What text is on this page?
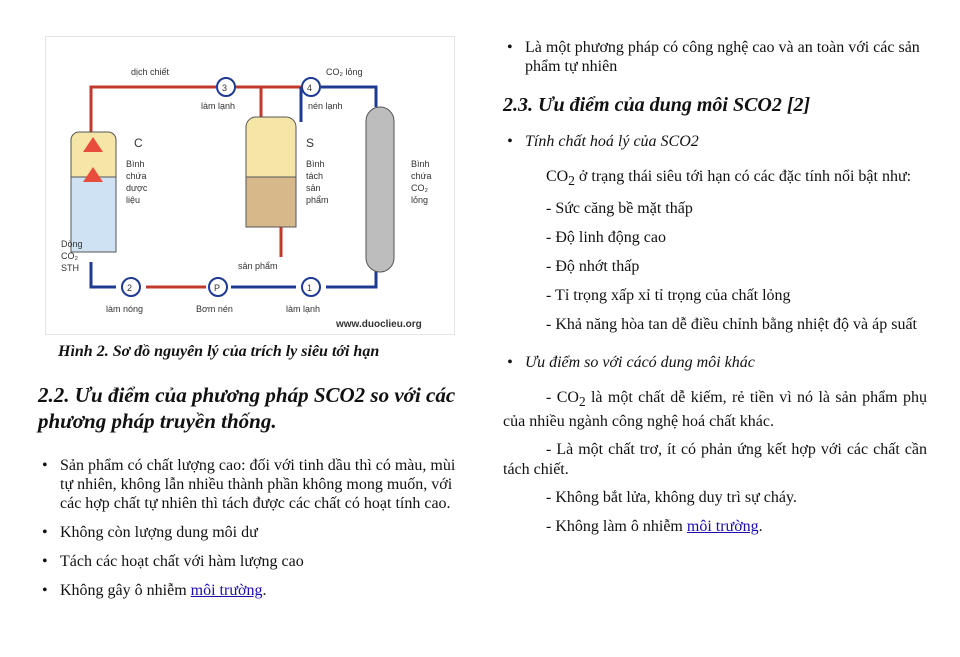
3	4
2	P	1
dịch chiết	CO₂ lỏng
làm lạnh	nén lạnh
C	S
Bình
chứa
dược
liệu
Bình
tách
sản
phẩm
Bình
chứa
CO₂
lỏng
Dòng
CO₂
STH	sản phẩm
làm nóng	Bơm nén	làm lạnh
www.duoclieu.org
Hình 2. Sơ đồ nguyên lý của trích ly siêu tới hạn
2.2. Ưu điểm của phương pháp SCO2 so với các phương pháp truyền thống.
• Sản phẩm có chất lượng cao: đối với tinh dầu thì có màu, mùi tự nhiên, không lẫn nhiều thành phần không mong muốn, với các hợp chất tự nhiên thì tách được các chất có hoạt tính cao.
• Không còn lượng dung môi dư
• Tách các hoạt chất với hàm lượng cao
• Không gây ô nhiễm môi trường.
• Là một phương pháp có công nghệ cao và an toàn với các sản phẩm tự nhiên
2.3. Ưu điểm của dung môi SCO2 [2]
• Tính chất hoá lý của SCO2

$CO_2$ ở trạng thái siêu tới hạn có các đặc tính nổi bật như:

- Sức căng bề mặt thấp
- Độ linh động cao
- Độ nhớt thấp
- Tỉ trọng xấp xỉ tỉ trọng của chất lỏng

- Khả năng hòa tan dễ điều chỉnh bằng nhiệt độ và áp suất

• Ưu điểm so với cácó dung môi khác

- $CO_2$ là một chất dễ kiếm, rẻ tiền vì nó là sản phẩm phụ của nhiều ngành công nghệ hoá chất khác.

- Là một chất trơ, ít có phản ứng kết hợp với các chất cần tách chiết.

- Không bắt lửa, không duy trì sự cháy.

- Không làm ô nhiễm môi trường.
